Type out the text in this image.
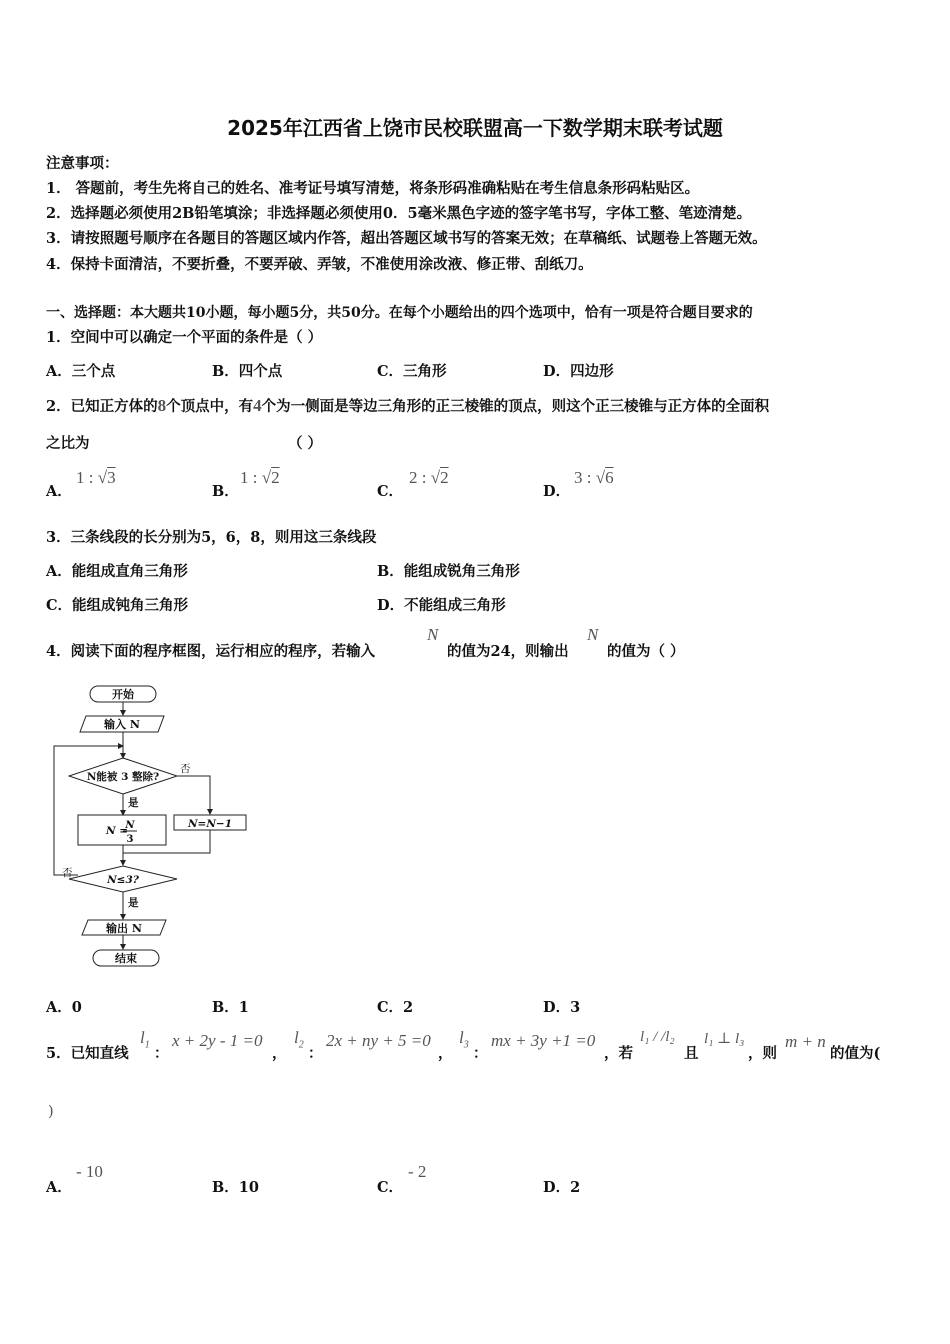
2025年江西省上饶市民校联盟高一下数学期末联考试题
注意事项：
1． 答题前，考生先将自己的姓名、准考证号填写清楚，将条形码准确粘贴在考生信息条形码粘贴区。
2．选择题必须使用2B铅笔填涂；非选择题必须使用0．5毫米黑色字迹的签字笔书写，字体工整、笔迹清楚。
3．请按照题号顺序在各题目的答题区域内作答，超出答题区域书写的答案无效；在草稿纸、试题卷上答题无效。
4．保持卡面清洁，不要折叠，不要弄破、弄皱，不准使用涂改液、修正带、刮纸刀。
一、选择题：本大题共10小题，每小题5分，共50分。在每个小题给出的四个选项中，恰有一项是符合题目要求的
1．空间中可以确定一个平面的条件是（ ）
A．三个点	B．四个点	C．三角形	D．四边形
2．已知正方体的8个顶点中，有4个为一侧面是等边三角形的正三棱锥的顶点，则这个正三棱锥与正方体的全面积
之比为	（ ）
A．
1 : √3
B．
1 : √2
C．
2 : √2
D．
3 : √6
3．三条线段的长分别为5，6，8，则用这三条线段
A．能组成直角三角形	B．能组成锐角三角形
C．能组成钝角三角形	D．不能组成三角形
4．阅读下面的程序框图，运行相应的程序，若输入
N
的值为24，则输出
N
的值为（ ）
开始
输入 N
N能被 3 整除?
否
是
N =
N
3
N=N−1
N≤3?
否
是
输出 N
结束
A．0	B．1	C．2	D．3
5．已知直线
$l_1$
：
x + 2y - 1 =0
，
$l_2$
：
2x + ny + 5 =0
，
$l_3$
：
mx + 3y +1 =0
，若
l₁ / /l₂
且
l₁ ⊥ l₃
，则
m + n
的值为(
)
A．
- 10
B．10	C．
- 2
D．2
